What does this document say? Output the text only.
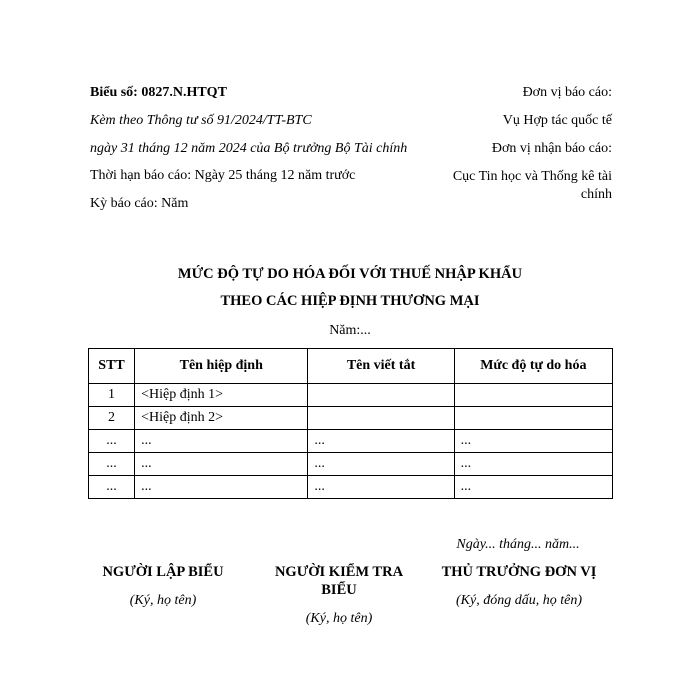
Biểu số: 0827.N.HTQT
Kèm theo Thông tư số 91/2024/TT-BTC
ngày 31 tháng 12 năm 2024 của Bộ trưởng Bộ Tài chính
Thời hạn báo cáo: Ngày 25 tháng 12 năm trước
Kỳ báo cáo: Năm
Đơn vị báo cáo:
Vụ Hợp tác quốc tế
Đơn vị nhận báo cáo:
Cục Tin học và Thống kê tài chính
MỨC ĐỘ TỰ DO HÓA ĐỐI VỚI THUẾ NHẬP KHẨU
THEO CÁC HIỆP ĐỊNH THƯƠNG MẠI
Năm:...
STT	Tên hiệp định	Tên viết tắt	Mức độ tự do hóa
1	<Hiệp định 1>		
2	<Hiệp định 2>		
...	...	...	...
...	...	...	...
...	...	...	...
Ngày... tháng... năm...
NGƯỜI LẬP BIỂU
(Ký, họ tên)
NGƯỜI KIỂM TRA BIỂU
(Ký, họ tên)
THỦ TRƯỞNG ĐƠN VỊ
(Ký, đóng dấu, họ tên)
